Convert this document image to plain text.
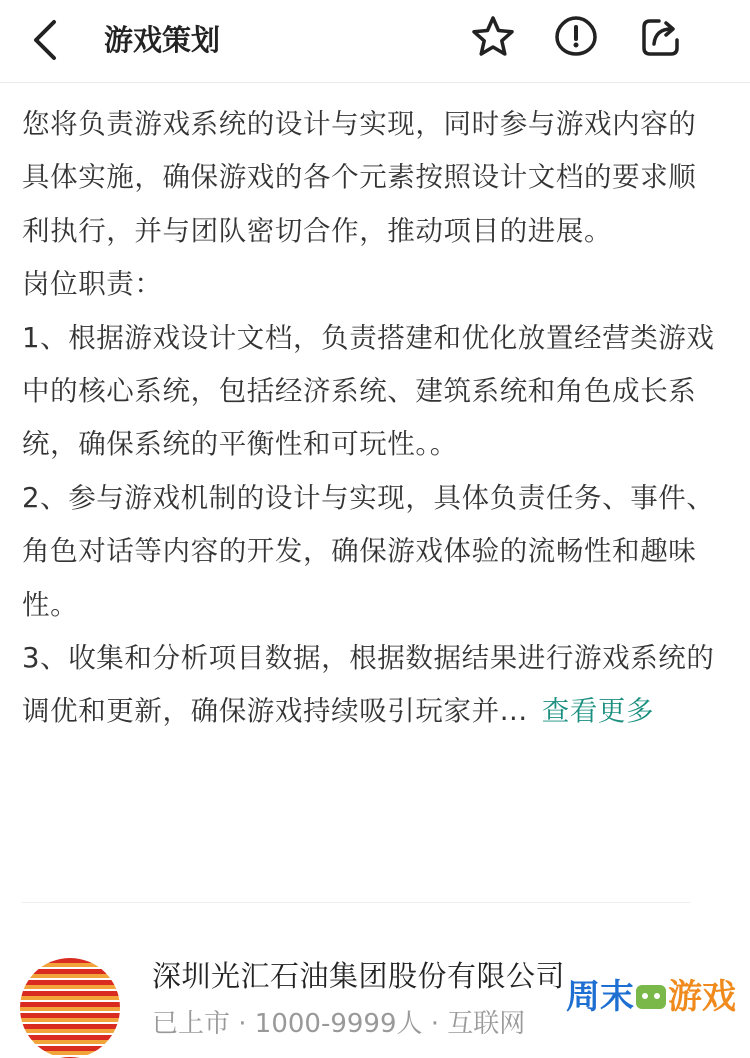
游戏策划

您将负责游戏系统的设计与实现，同时参与游戏内容的具体实施，确保游戏的各个元素按照设计文档的要求顺利执行，并与团队密切合作，推动项目的进展。

岗位职责：

1、根据游戏设计文档，负责搭建和优化放置经营类游戏中的核心系统，包括经济系统、建筑系统和角色成长系统，确保系统的平衡性和可玩性。。

2、参与游戏机制的设计与实现，具体负责任务、事件、角色对话等内容的开发，确保游戏体验的流畅性和趣味性。

3、收集和分析项目数据，根据数据结果进行游戏系统的调优和更新，确保游戏持续吸引玩家并... 查看更多

深圳光汇石油集团股份有限公司
已上市 · 1000-9999人 · 互联网
周末 游戏
